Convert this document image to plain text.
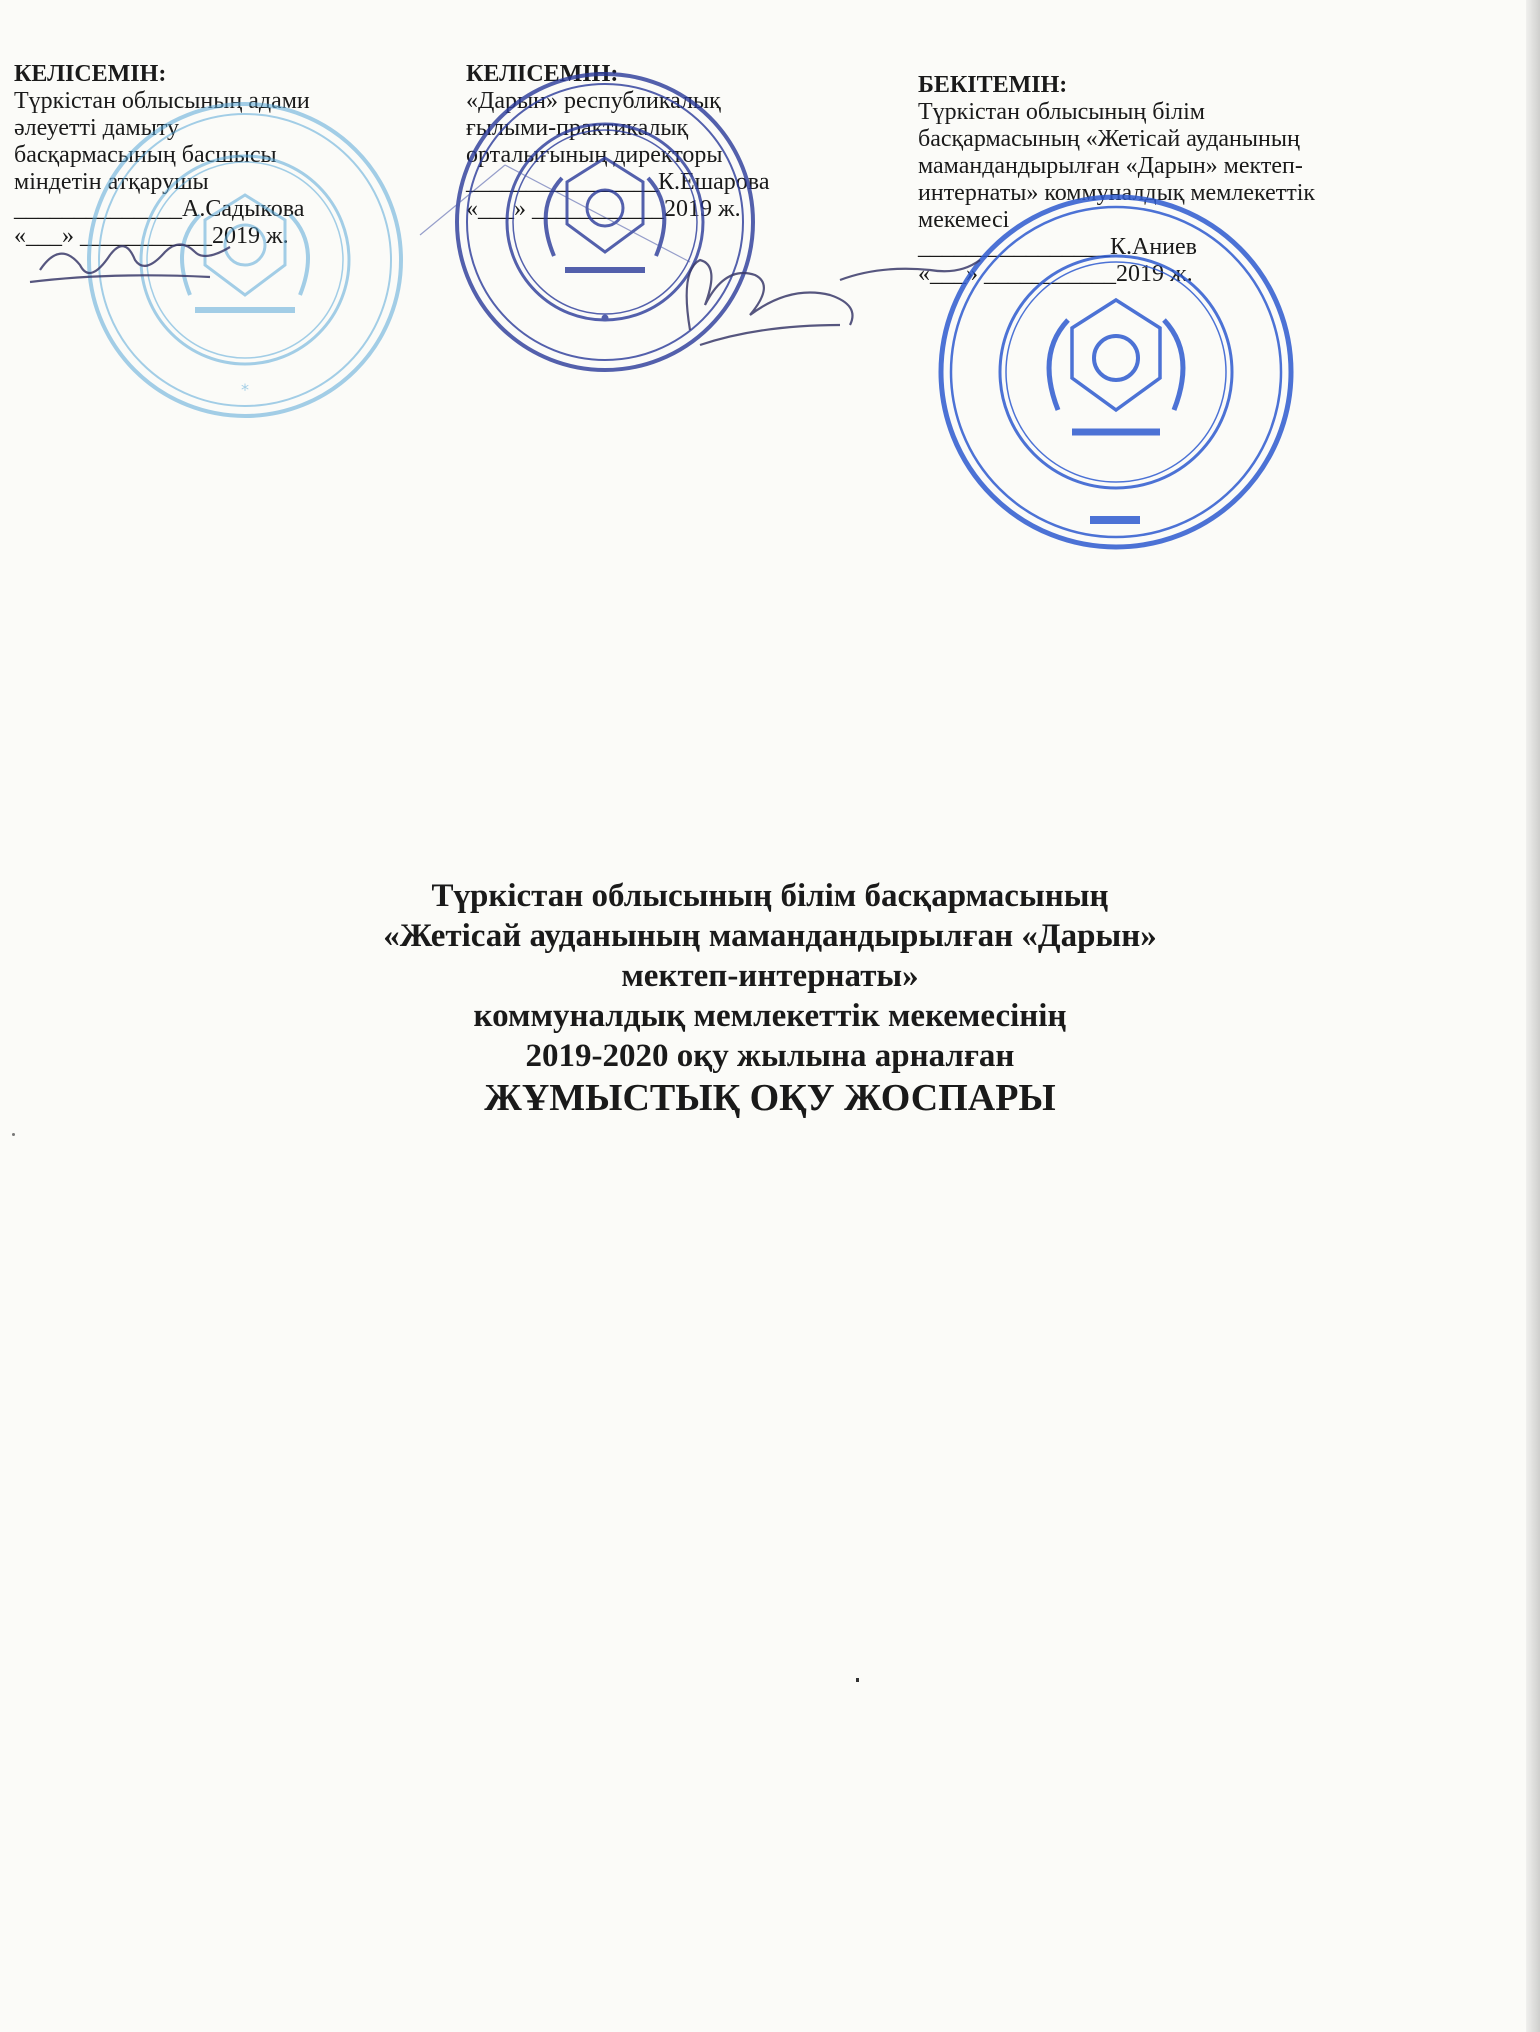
КЕЛІСЕМІН:
Түркістан облысының адами
әлеуетті дамыту
басқармасының басшысы
міндетін атқарушы
______________А.Садыкова
«___» ___________2019 ж.
КЕЛІСЕМІН:
«Дарын» республикалық
ғылыми-практикалық
орталығының директоры
________________К.Ешарова
«___» ___________2019 ж.
БЕКІТЕМІН:
Түркістан облысының білім
басқармасының «Жетісай ауданының
мамандандырылған «Дарын» мектеп-
интернаты» коммуналдық мемлекеттік
мекемесі
________________К.Аниев
«___» ___________2019 ж.
*
Түркістан облысының білім басқармасының
«Жетісай ауданының мамандандырылған «Дарын»
мектеп-интернаты»
коммуналдық мемлекеттік мекемесінің
2019-2020 оқу жылына арналған
ЖҰМЫСТЫҚ ОҚУ ЖОСПАРЫ
